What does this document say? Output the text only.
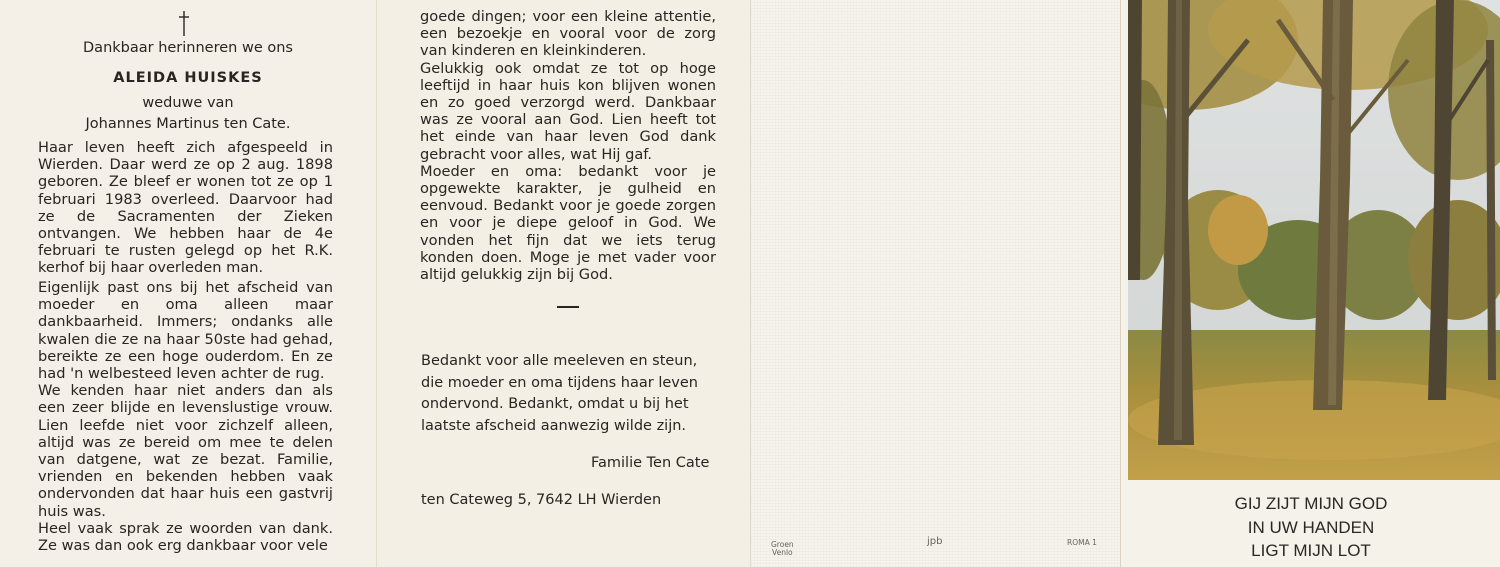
Dankbaar herinneren we ons
ALEIDA HUISKES
weduwe van
Johannes Martinus ten Cate.

Haar leven heeft zich afgespeeld in Wierden. Daar werd ze op 2 aug. 1898 geboren. Ze bleef er wonen tot ze op 1 februari 1983 overleed. Daarvoor had ze de Sacramenten der Zieken ontvangen. We hebben haar de 4e februari te rusten gelegd op het R.K. kerhof bij haar overleden man.

Eigenlijk past ons bij het afscheid van moeder en oma alleen maar dankbaarheid. Immers; ondanks alle kwalen die ze na haar 50ste had gehad, bereikte ze een hoge ouderdom. En ze had 'n welbesteed leven achter de rug.

We kenden haar niet anders dan als een zeer blijde en levenslustige vrouw. Lien leefde niet voor zichzelf alleen, altijd was ze bereid om mee te delen van datgene, wat ze bezat. Familie, vrienden en bekenden hebben vaak ondervonden dat haar huis een gastvrij huis was.

Heel vaak sprak ze woorden van dank. Ze was dan ook erg dankbaar voor vele

goede dingen; voor een kleine attentie, een bezoekje en vooral voor de zorg van kinderen en kleinkinderen.

Gelukkig ook omdat ze tot op hoge leeftijd in haar huis kon blijven wonen en zo goed verzorgd werd. Dankbaar was ze vooral aan God. Lien heeft tot het einde van haar leven God dank gebracht voor alles, wat Hij gaf.

Moeder en oma: bedankt voor je opgewekte karakter, je gulheid en eenvoud. Bedankt voor je goede zorgen en voor je diepe geloof in God. We vonden het fijn dat we iets terug konden doen. Moge je met vader voor altijd gelukkig zijn bij God.

Bedankt voor alle meeleven en steun,
die moeder en oma tijdens haar leven
ondervond. Bedankt, omdat u bij het
laatste afscheid aanwezig wilde zijn.
Familie Ten Cate
ten Cateweg 5, 7642 LH Wierden
Groen
Venlo
jpb	ROMA 1
GIJ ZIJT MIJN GOD
IN UW HANDEN
LIGT MIJN LOT
